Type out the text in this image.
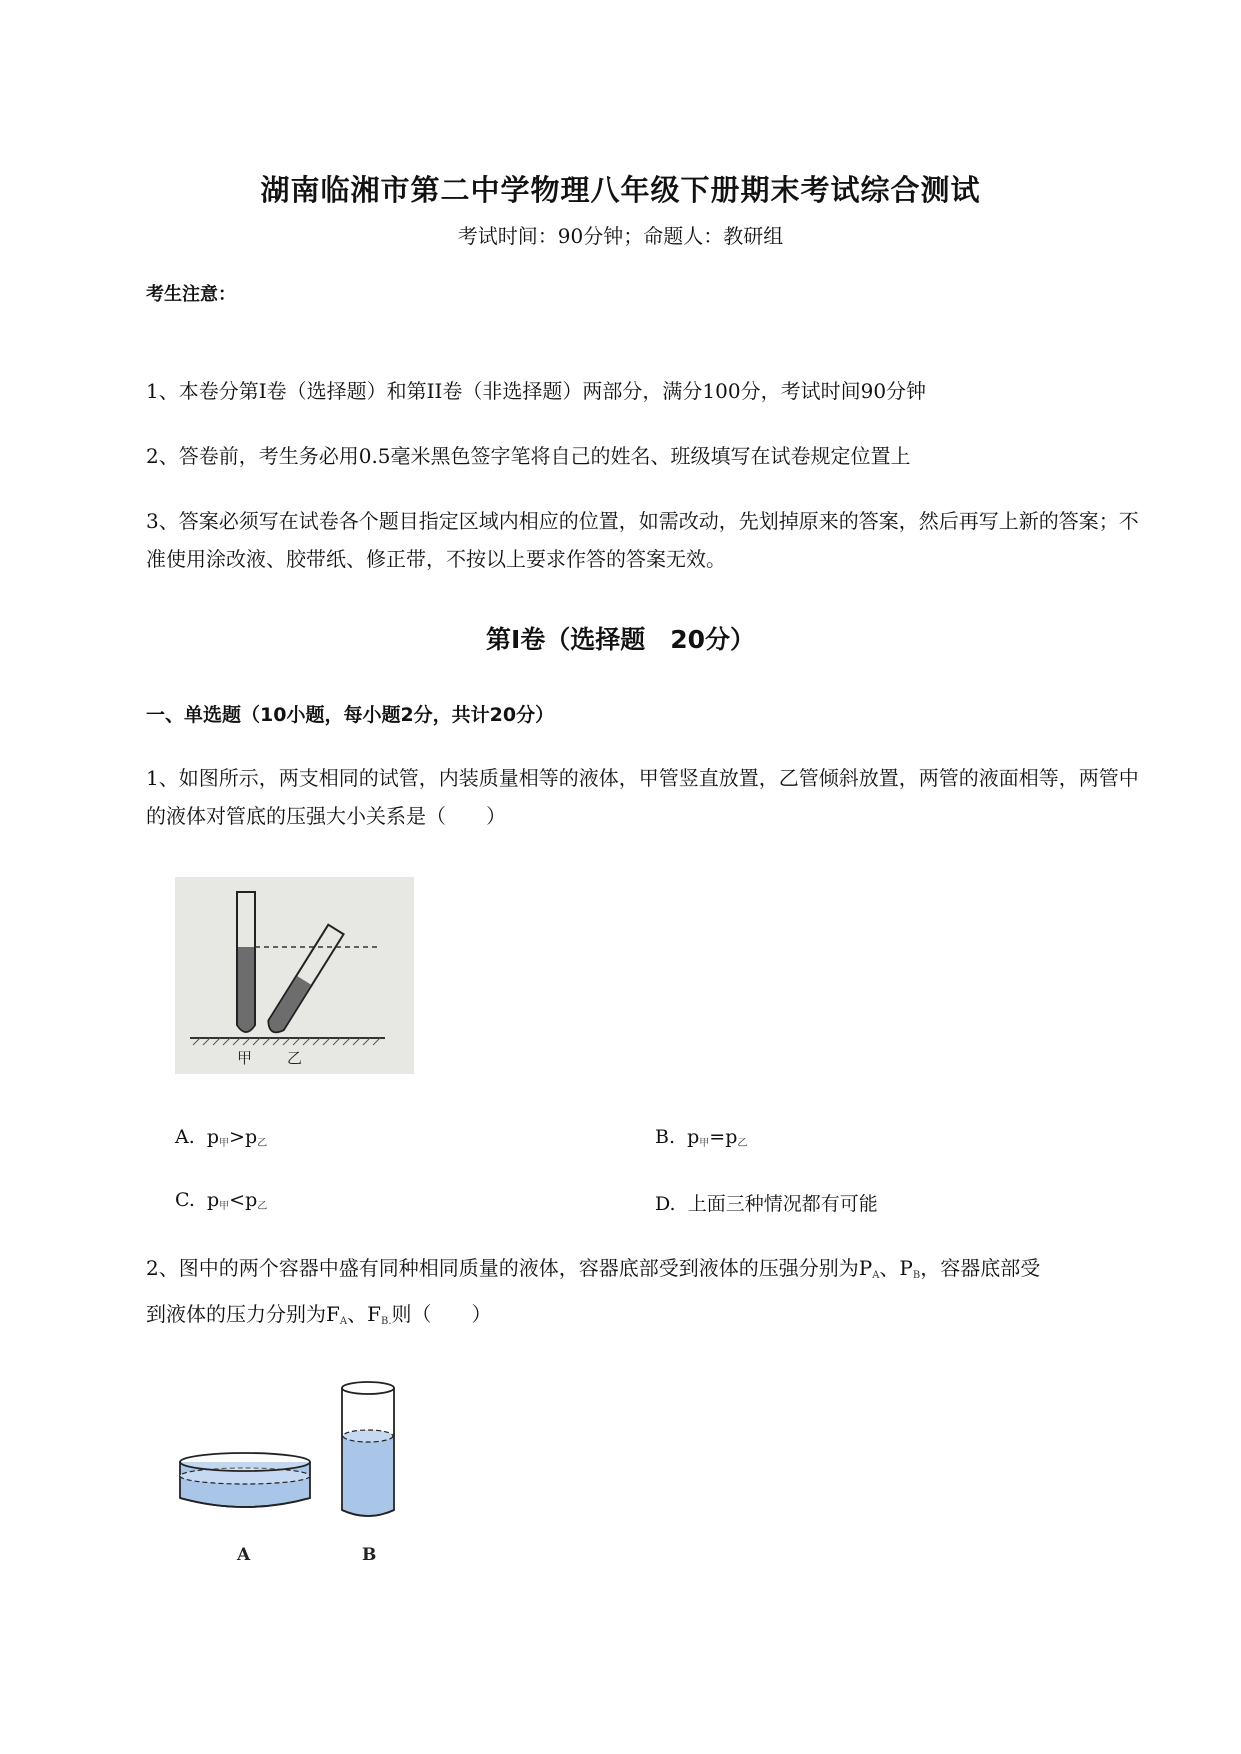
湖南临湘市第二中学物理八年级下册期末考试综合测试
考试时间：90分钟；命题人：教研组
考生注意：
1、本卷分第I卷（选择题）和第II卷（非选择题）两部分，满分100分，考试时间90分钟
2、答卷前，考生务必用0.5毫米黑色签字笔将自己的姓名、班级填写在试卷规定位置上
3、答案必须写在试卷各个题目指定区域内相应的位置，如需改动，先划掉原来的答案，然后再写上新的答案；不准使用涂改液、胶带纸、修正带，不按以上要求作答的答案无效。
第I卷（选择题　20分）
一、单选题（10小题，每小题2分，共计20分）
1、如图所示，两支相同的试管，内装质量相等的液体，甲管竖直放置，乙管倾斜放置，两管的液面相等，两管中的液体对管底的压强大小关系是（　　）
甲 乙
A. $p_甲>p_乙$	B. $p_甲=p_乙$
C. $p_甲<p_乙$	D. 上面三种情况都有可能
2、图中的两个容器中盛有同种相同质量的液体，容器底部受到液体的压强分别为$P_A$、$P_B$，容器底部受
到液体的压力分别为$F_A$、$F_{B.}$则（　　）
A	B
